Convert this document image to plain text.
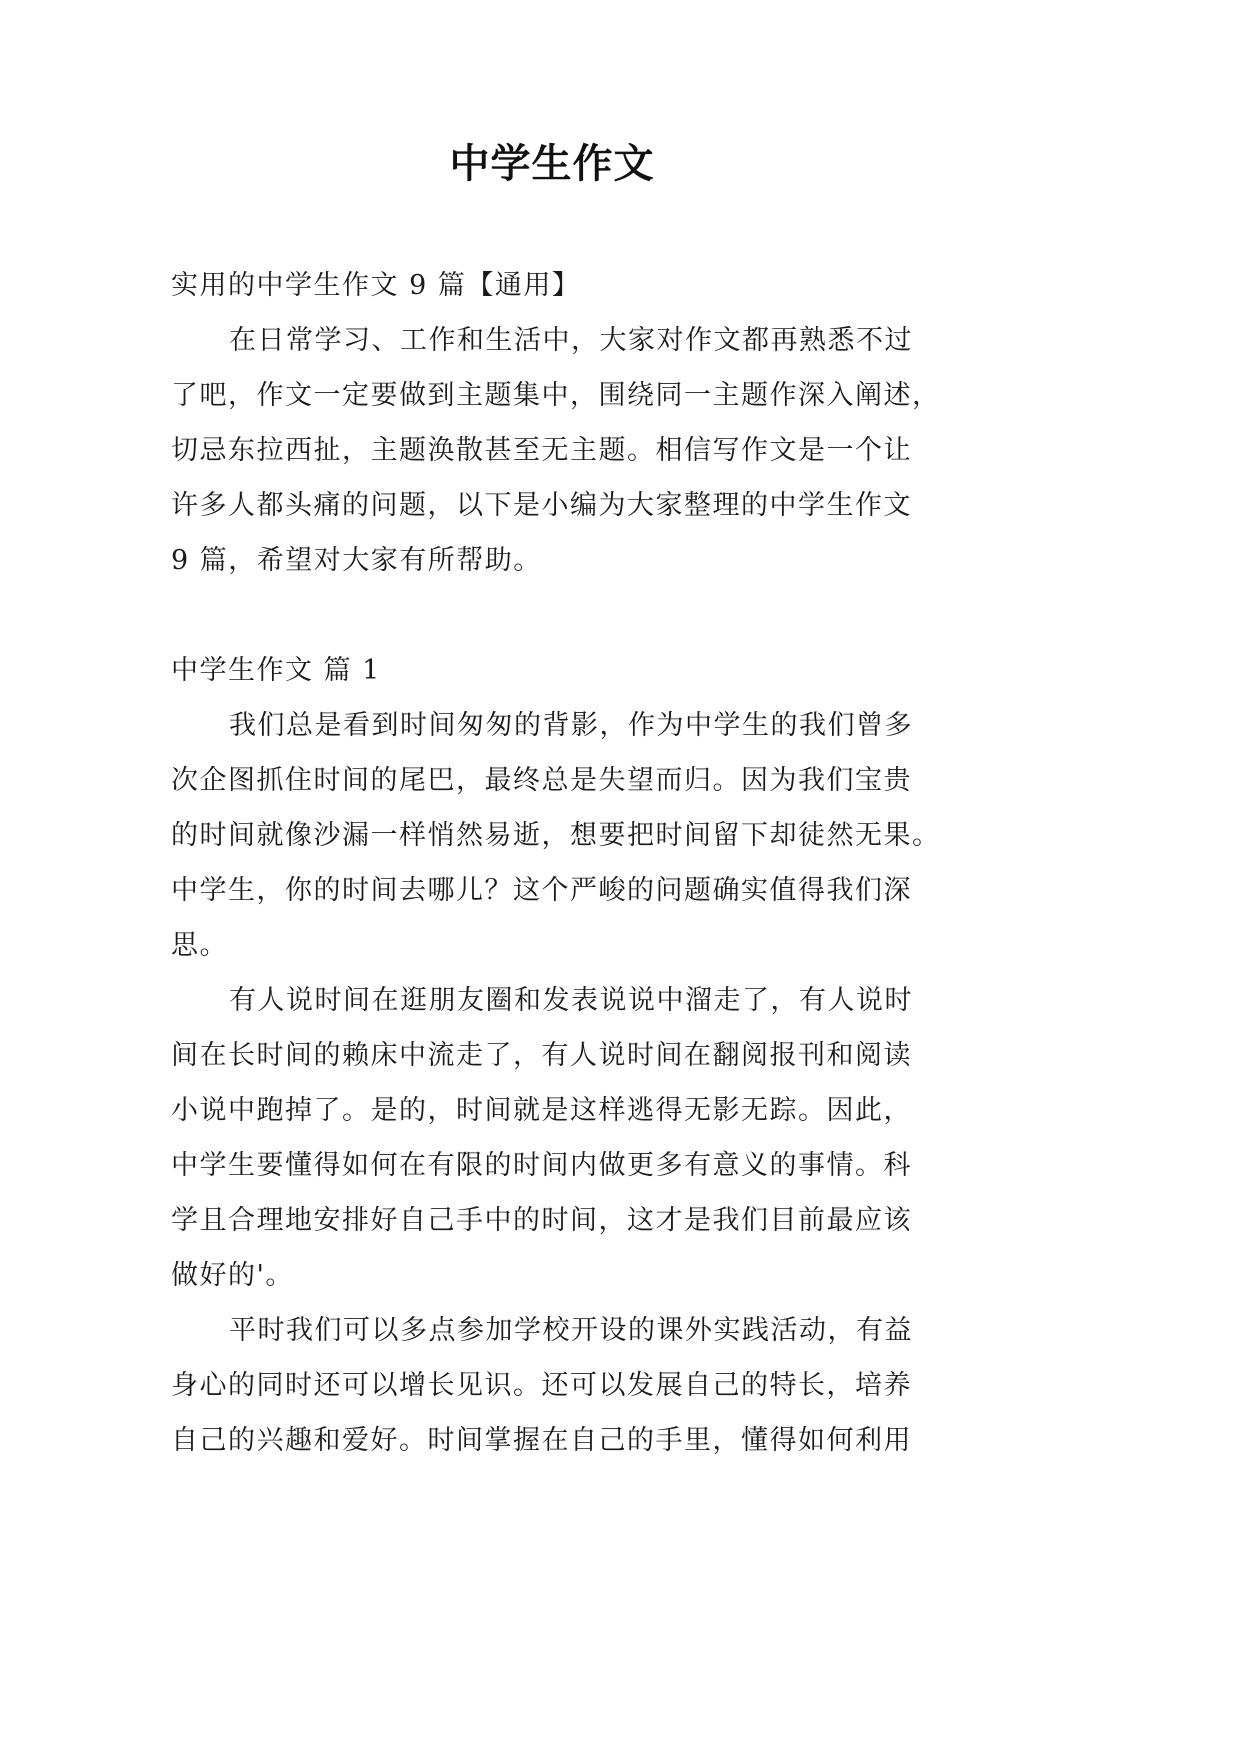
中学生作文
实用的中学生作文 9 篇【通用】
在日常学习、工作和生活中，大家对作文都再熟悉不过
了吧，作文一定要做到主题集中，围绕同一主题作深入阐述，
切忌东拉西扯，主题涣散甚至无主题。相信写作文是一个让
许多人都头痛的问题，以下是小编为大家整理的中学生作文
9 篇，希望对大家有所帮助。
中学生作文 篇 1
我们总是看到时间匆匆的背影，作为中学生的我们曾多
次企图抓住时间的尾巴，最终总是失望而归。因为我们宝贵
的时间就像沙漏一样悄然易逝，想要把时间留下却徒然无果。
中学生，你的时间去哪儿？这个严峻的问题确实值得我们深
思。
有人说时间在逛朋友圈和发表说说中溜走了，有人说时
间在长时间的赖床中流走了，有人说时间在翻阅报刊和阅读
小说中跑掉了。是的，时间就是这样逃得无影无踪。因此，
中学生要懂得如何在有限的时间内做更多有意义的事情。科
学且合理地安排好自己手中的时间，这才是我们目前最应该
做好的'。
平时我们可以多点参加学校开设的课外实践活动，有益
身心的同时还可以增长见识。还可以发展自己的特长，培养
自己的兴趣和爱好。时间掌握在自己的手里，懂得如何利用
